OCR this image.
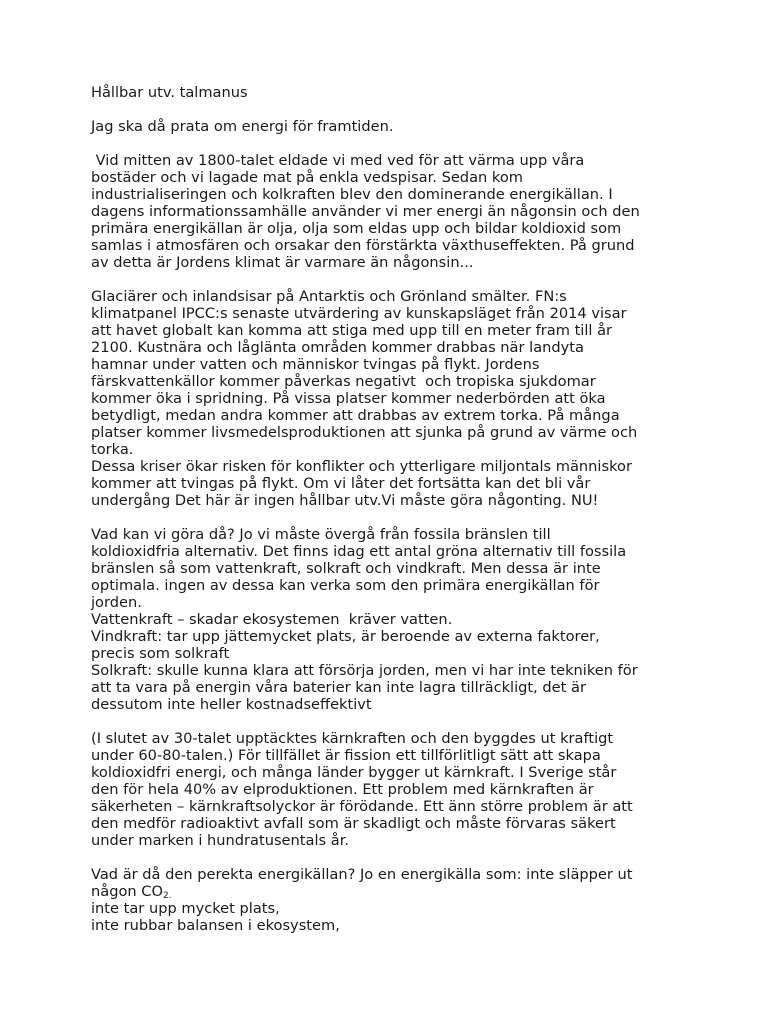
Hållbar utv. talmanus
Jag ska då prata om energi för framtiden.
Vid mitten av 1800-talet eldade vi med ved för att värma upp våra
bostäder och vi lagade mat på enkla vedspisar. Sedan kom
industrialiseringen och kolkraften blev den dominerande energikällan. I
dagens informationssamhälle använder vi mer energi än någonsin och den
primära energikällan är olja, olja som eldas upp och bildar koldioxid som
samlas i atmosfären och orsakar den förstärkta växthuseffekten. På grund
av detta är Jordens klimat är varmare än någonsin...
Glaciärer och inlandsisar på Antarktis och Grönland smälter. FN:s
klimatpanel IPCC:s senaste utvärdering av kunskapsläget från 2014 visar
att havet globalt kan komma att stiga med upp till en meter fram till år
2100. Kustnära och låglänta områden kommer drabbas när landyta
hamnar under vatten och människor tvingas på flykt. Jordens
färskvattenkällor kommer påverkas negativt  och tropiska sjukdomar
kommer öka i spridning. På vissa platser kommer nederbörden att öka
betydligt, medan andra kommer att drabbas av extrem torka. På många
platser kommer livsmedelsproduktionen att sjunka på grund av värme och
torka.
Dessa kriser ökar risken för konflikter och ytterligare miljontals människor
kommer att tvingas på flykt. Om vi låter det fortsätta kan det bli vår
undergång Det här är ingen hållbar utv.Vi måste göra någonting. NU!
Vad kan vi göra då? Jo vi måste övergå från fossila bränslen till
koldioxidfria alternativ. Det finns idag ett antal gröna alternativ till fossila
bränslen så som vattenkraft, solkraft och vindkraft. Men dessa är inte
optimala. ingen av dessa kan verka som den primära energikällan för
jorden.
Vattenkraft – skadar ekosystemen  kräver vatten.
Vindkraft: tar upp jättemycket plats, är beroende av externa faktorer,
precis som solkraft
Solkraft: skulle kunna klara att försörja jorden, men vi har inte tekniken för
att ta vara på energin våra baterier kan inte lagra tillräckligt, det är
dessutom inte heller kostnadseffektivt
(I slutet av 30-talet upptäcktes kärnkraften och den byggdes ut kraftigt
under 60-80-talen.) För tillfället är fission ett tillförlitligt sätt att skapa
koldioxidfri energi, och många länder bygger ut kärnkraft. I Sverige står
den för hela 40% av elproduktionen. Ett problem med kärnkraften är
säkerheten – kärnkraftsolyckor är förödande. Ett änn större problem är att
den medför radioaktivt avfall som är skadligt och måste förvaras säkert
under marken i hundratusentals år.
Vad är då den perekta energikällan? Jo en energikälla som: inte släpper ut
någon $CO_{2.}$
inte tar upp mycket plats,
inte rubbar balansen i ekosystem,
